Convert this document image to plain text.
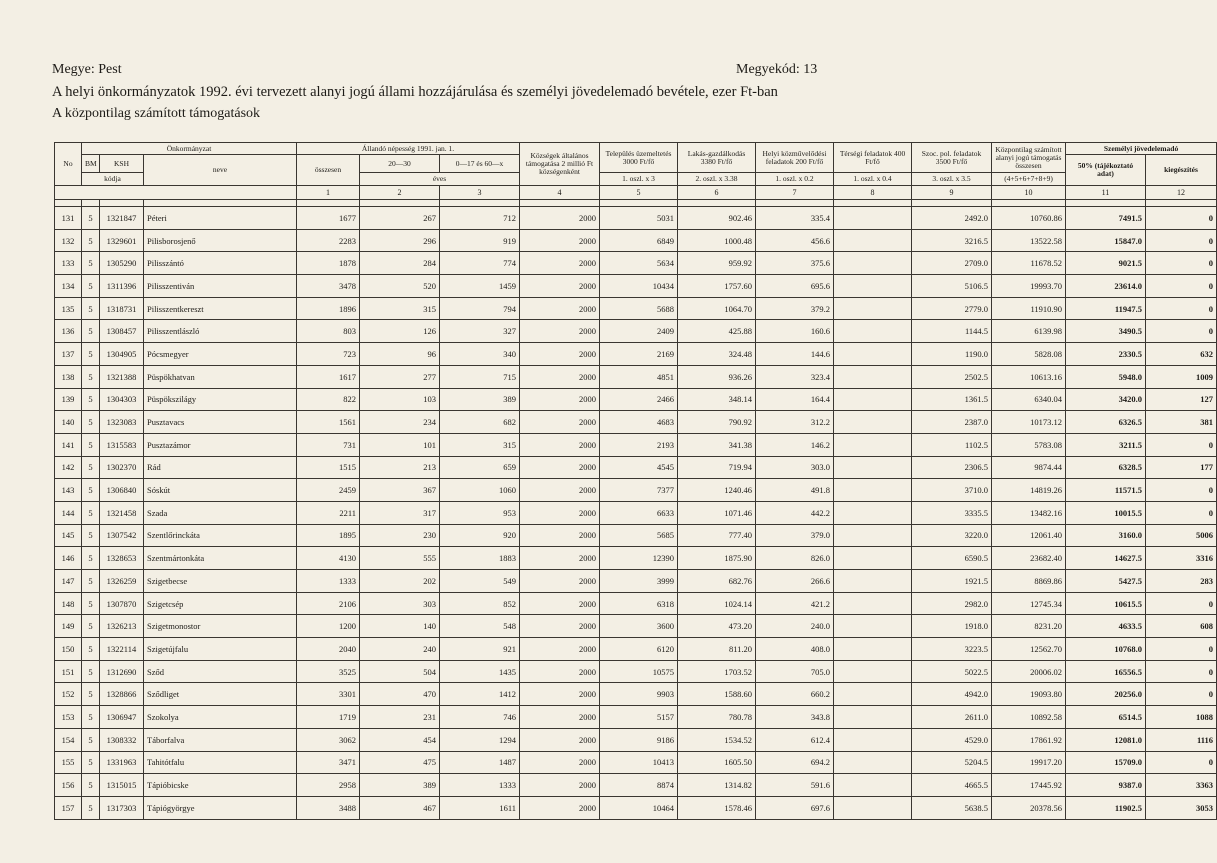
Megye: Pest	Megyekód: 13
A helyi önkormányzatok 1992. évi tervezett alanyi jogú állami hozzájárulása és személyi jövedelemadó bevétele, ezer Ft-ban
A központilag számított támogatások
No	Önkormányzat			Állandó népesség 1991. jan. 1.			Községek általános támogatása 2 millió Ft községenként	Település üzemeltetés 3000 Ft/fő	Lakás-gazdálkodás 3380 Ft/fő	Helyi közművelődési feladatok 200 Ft/fő	Térségi feladatok 400 Ft/fő	Szoc. pol. feladatok 3500 Ft/fő	Központilag számított alanyi jogú támogatás összesen	Személyi jövedelemadó	
	BM	KSH	neve	összesen	20—30	0—17 és 60—x								50% (tájékoztató adat)	kiegészítés
	kódja				éves			1. oszl. x 3	2. oszl. x 3.38	1. oszl. x 0.2	1. oszl. x 0.4	3. oszl. x 3.5	(4+5+6+7+8+9)		
				1	2	3	4	5	6	7	8	9	10	11	12

131	5	1321847	Péteri	1677	267	712	2000	5031	902.46	335.4		2492.0	10760.86	7491.5	0
132	5	1329601	Pilisborosjenő	2283	296	919	2000	6849	1000.48	456.6		3216.5	13522.58	15847.0	0
133	5	1305290	Pilisszántó	1878	284	774	2000	5634	959.92	375.6		2709.0	11678.52	9021.5	0
134	5	1311396	Pilisszentiván	3478	520	1459	2000	10434	1757.60	695.6		5106.5	19993.70	23614.0	0
135	5	1318731	Pilisszentkereszt	1896	315	794	2000	5688	1064.70	379.2		2779.0	11910.90	11947.5	0
136	5	1308457	Pilisszentlászló	803	126	327	2000	2409	425.88	160.6		1144.5	6139.98	3490.5	0
137	5	1304905	Pócsmegyer	723	96	340	2000	2169	324.48	144.6		1190.0	5828.08	2330.5	632
138	5	1321388	Püspökhatvan	1617	277	715	2000	4851	936.26	323.4		2502.5	10613.16	5948.0	1009
139	5	1304303	Püspökszilágy	822	103	389	2000	2466	348.14	164.4		1361.5	6340.04	3420.0	127
140	5	1323083	Pusztavacs	1561	234	682	2000	4683	790.92	312.2		2387.0	10173.12	6326.5	381
141	5	1315583	Pusztazámor	731	101	315	2000	2193	341.38	146.2		1102.5	5783.08	3211.5	0
142	5	1302370	Rád	1515	213	659	2000	4545	719.94	303.0		2306.5	9874.44	6328.5	177
143	5	1306840	Sóskút	2459	367	1060	2000	7377	1240.46	491.8		3710.0	14819.26	11571.5	0
144	5	1321458	Szada	2211	317	953	2000	6633	1071.46	442.2		3335.5	13482.16	10015.5	0
145	5	1307542	Szentlőrinckáta	1895	230	920	2000	5685	777.40	379.0		3220.0	12061.40	3160.0	5006
146	5	1328653	Szentmártonkáta	4130	555	1883	2000	12390	1875.90	826.0		6590.5	23682.40	14627.5	3316
147	5	1326259	Szigetbecse	1333	202	549	2000	3999	682.76	266.6		1921.5	8869.86	5427.5	283
148	5	1307870	Szigetcsép	2106	303	852	2000	6318	1024.14	421.2		2982.0	12745.34	10615.5	0
149	5	1326213	Szigetmonostor	1200	140	548	2000	3600	473.20	240.0		1918.0	8231.20	4633.5	608
150	5	1322114	Szigetújfalu	2040	240	921	2000	6120	811.20	408.0		3223.5	12562.70	10768.0	0
151	5	1312690	Sződ	3525	504	1435	2000	10575	1703.52	705.0		5022.5	20006.02	16556.5	0
152	5	1328866	Sződliget	3301	470	1412	2000	9903	1588.60	660.2		4942.0	19093.80	20256.0	0
153	5	1306947	Szokolya	1719	231	746	2000	5157	780.78	343.8		2611.0	10892.58	6514.5	1088
154	5	1308332	Táborfalva	3062	454	1294	2000	9186	1534.52	612.4		4529.0	17861.92	12081.0	1116
155	5	1331963	Tahitótfalu	3471	475	1487	2000	10413	1605.50	694.2		5204.5	19917.20	15709.0	0
156	5	1315015	Tápióbicske	2958	389	1333	2000	8874	1314.82	591.6		4665.5	17445.92	9387.0	3363
157	5	1317303	Tápiógyörgye	3488	467	1611	2000	10464	1578.46	697.6		5638.5	20378.56	11902.5	3053
